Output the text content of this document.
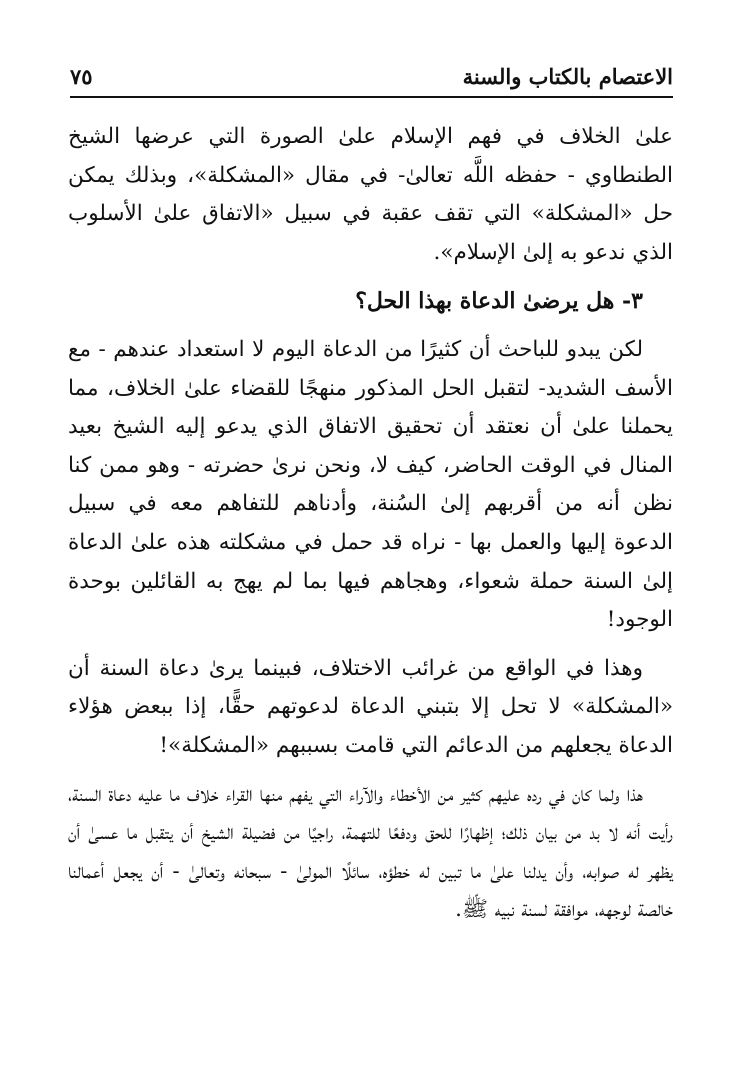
الاعتصام بالكتاب والسنة
٧٥

علىٰ الخلاف في فهم الإسلام علىٰ الصورة التي عرضها الشيخ الطنطاوي - حفظه اللَّه تعالىٰ- في مقال «المشكلة»، وبذلك يمكن حل «المشكلة» التي تقف عقبة في سبيل «الاتفاق علىٰ الأسلوب الذي ندعو به إلىٰ الإسلام».

٣- هل يرضىٰ الدعاة بهذا الحل؟

لكن يبدو للباحث أن كثيرًا من الدعاة اليوم لا استعداد عندهم - مع الأسف الشديد- لتقبل الحل المذكور منهجًا للقضاء علىٰ الخلاف، مما يحملنا علىٰ أن نعتقد أن تحقيق الاتفاق الذي يدعو إليه الشيخ بعيد المنال في الوقت الحاضر، كيف لا، ونحن نرىٰ حضرته - وهو ممن كنا نظن أنه من أقربهم إلىٰ السُنة، وأدناهم للتفاهم معه في سبيل الدعوة إليها والعمل بها - نراه قد حمل في مشكلته هذه علىٰ الدعاة إلىٰ السنة حملة شعواء، وهجاهم فيها بما لم يهج به القائلين بوحدة الوجود!

وهذا في الواقع من غرائب الاختلاف، فبينما يرىٰ دعاة السنة أن «المشكلة» لا تحل إلا بتبني الدعاة لدعوتهم حقًّا، إذا ببعض هؤلاء الدعاة يجعلهم من الدعائم التي قامت بسببهم «المشكلة»!

هذا ولما كان في رده عليهم كثير من الأخطاء والآراء التي يفهم منها القراء خلاف ما عليه دعاة السنة، رأيت أنه لا بد من بيان ذلك؛ إظهارًا للحق ودفعًا للتهمة، راجيًا من فضيلة الشيخ أن يتقبل ما عسىٰ أن يظهر له صوابه، وأن يدلنا علىٰ ما تبين له خطؤه، سائلًا المولىٰ - سبحانه وتعالىٰ - أن يجعل أعمالنا خالصة لوجهه، موافقة لسنة نبيه ﷺ.
